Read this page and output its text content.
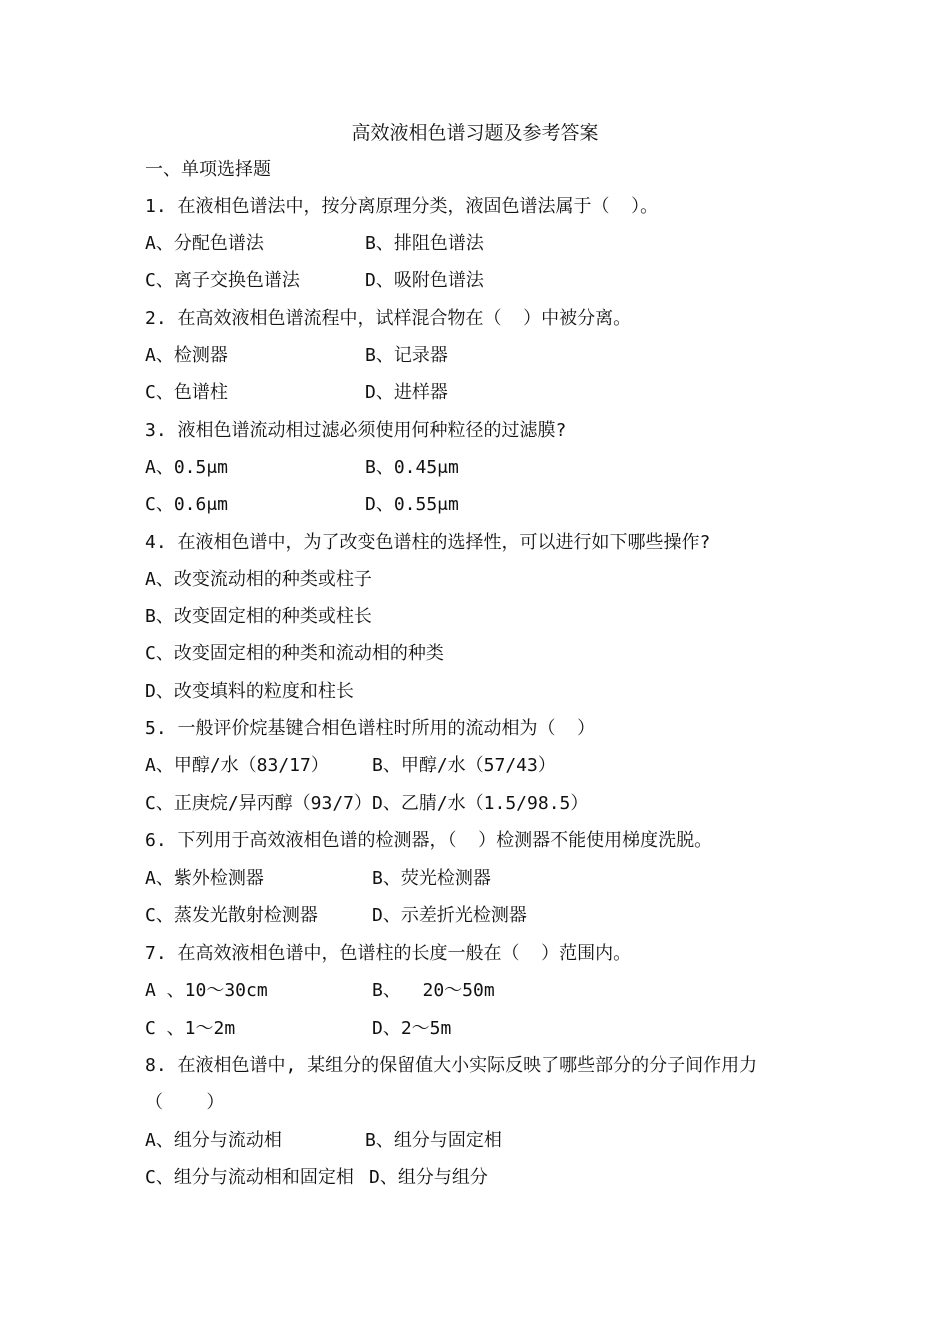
高效液相色谱习题及参考答案
一、单项选择题
1. 在液相色谱法中，按分离原理分类，液固色谱法属于（  ）。
A、分配色谱法	B、排阻色谱法
C、离子交换色谱法	D、吸附色谱法
2. 在高效液相色谱流程中，试样混合物在（  ）中被分离。
A、检测器	B、记录器
C、色谱柱	D、进样器
3. 液相色谱流动相过滤必须使用何种粒径的过滤膜?
A、0.5μm	B、0.45μm
C、0.6μm	D、0.55μm
4. 在液相色谱中，为了改变色谱柱的选择性，可以进行如下哪些操作?
A、改变流动相的种类或柱子
B、改变固定相的种类或柱长
C、改变固定相的种类和流动相的种类
D、改变填料的粒度和柱长
5. 一般评价烷基键合相色谱柱时所用的流动相为（  ）
A、甲醇/水（83/17） B、甲醇/水（57/43）
C、正庚烷/异丙醇（93/7） D、乙腈/水（1.5/98.5）
6. 下列用于高效液相色谱的检测器，（  ）检测器不能使用梯度洗脱。
A、紫外检测器	B、荧光检测器
C、蒸发光散射检测器	D、示差折光检测器
7. 在高效液相色谱中，色谱柱的长度一般在（  ）范围内。
A 、10～30cm	B、  20～50m
C 、1～2m	D、2～5m
8. 在液相色谱中, 某组分的保留值大小实际反映了哪些部分的分子间作用力
（    ）
A、组分与流动相	B、组分与固定相
C、组分与流动相和固定相 D、组分与组分
